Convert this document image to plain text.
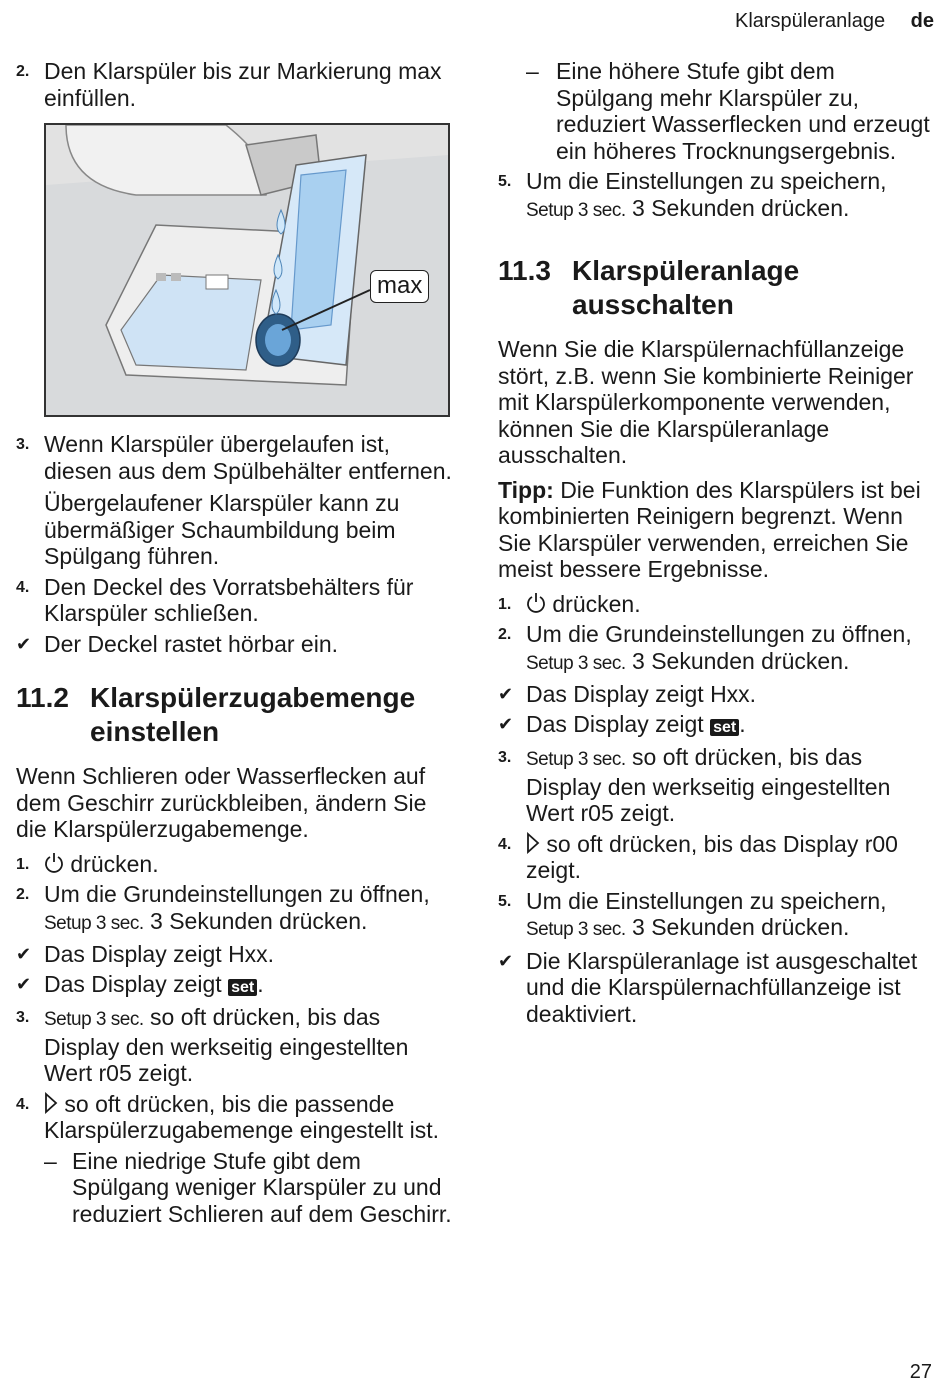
Klarspüleranlage de
2. Den Klarspüler bis zur Markierung max einfüllen.
max
3. Wenn Klarspüler übergelaufen ist, diesen aus dem Spülbehälter entfernen.
Übergelaufener Klarspüler kann zu übermäßiger Schaumbildung beim Spülgang führen.
4. Den Deckel des Vorratsbehälters für Klarspüler schließen.
✔ Der Deckel rastet hörbar ein.
11.2 Klarspülerzugabemenge einstellen

Wenn Schlieren oder Wasserflecken auf dem Geschirr zurückbleiben, ändern Sie die Klarspülerzugabemenge.

1. drücken.
2. Um die Grundeinstellungen zu öffnen, Setup 3 sec. 3 Sekunden drücken.
✔ Das Display zeigt Hxx.
✔ Das Display zeigt set .
3. Setup 3 sec. so oft drücken, bis das Display den werkseitig eingestellten Wert r05 zeigt.
4. so oft drücken, bis die passende Klarspülerzugabemenge eingestellt ist.
– Eine niedrige Stufe gibt dem Spülgang weniger Klarspüler zu und reduziert Schlieren auf dem Geschirr.
– Eine höhere Stufe gibt dem Spülgang mehr Klarspüler zu, reduziert Wasserflecken und erzeugt ein höheres Trocknungsergebnis.
5. Um die Einstellungen zu speichern, Setup 3 sec. 3 Sekunden drücken.
11.3 Klarspüleranlage ausschalten

Wenn Sie die Klarspülernachfüllanzeige stört, z.B. wenn Sie kombinierte Reiniger mit Klarspülerkomponente verwenden, können Sie die Klarspüleranlage ausschalten.

Tipp: Die Funktion des Klarspülers ist bei kombinierten Reinigern begrenzt. Wenn Sie Klarspüler verwenden, erreichen Sie meist bessere Ergebnisse.

1. drücken.
2. Um die Grundeinstellungen zu öffnen, Setup 3 sec. 3 Sekunden drücken.
✔ Das Display zeigt Hxx.
✔ Das Display zeigt set .
3. Setup 3 sec. so oft drücken, bis das Display den werkseitig eingestellten Wert r05 zeigt.
4. so oft drücken, bis das Display r00 zeigt.
5. Um die Einstellungen zu speichern, Setup 3 sec. 3 Sekunden drücken.
✔ Die Klarspüleranlage ist ausgeschaltet und die Klarspülernachfüllanzeige ist deaktiviert.
27
